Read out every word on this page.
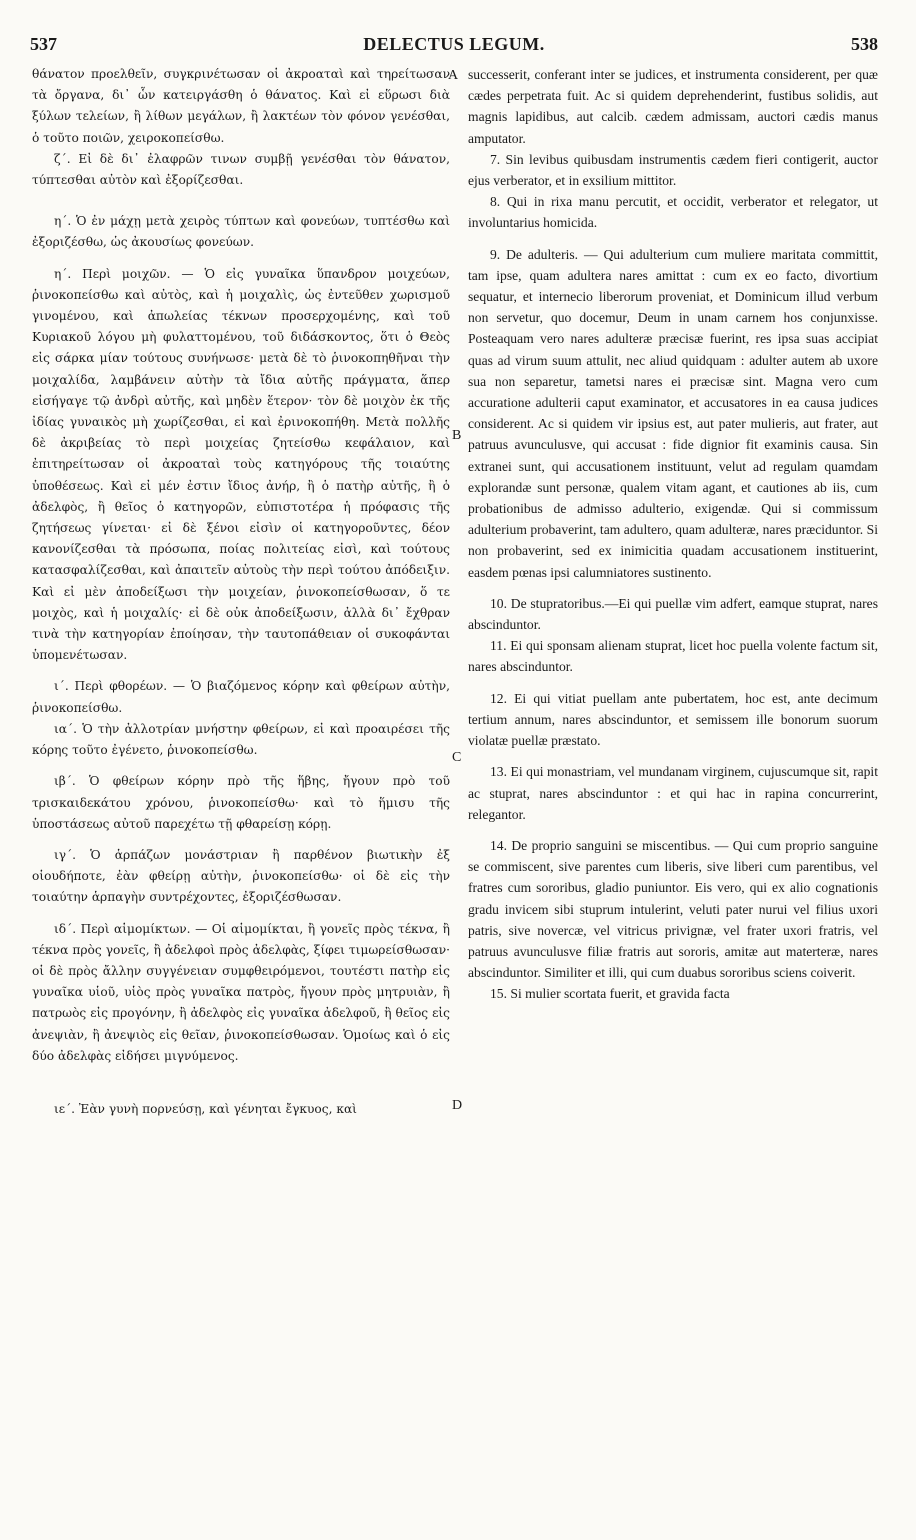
537	DELECTUS LEGUM.	538
A
B
C
D

θάνατον προελθεῖν, συγκρινέτωσαν οἱ ἀκροαταὶ καὶ τηρείτωσαν τὰ ὄργανα, δι᾽ ὧν κατειργάσθη ὁ θάνατος. Καὶ εἰ εὕρωσι διὰ ξύλων τελείων, ἢ λίθων μεγάλων, ἢ λακτέων τὸν φόνον γενέσθαι, ὁ τοῦτο ποιῶν, χειροκοπείσθω.

ζ΄. Εἰ δὲ δι᾽ ἐλαφρῶν τινων συμβῇ γενέσθαι τὸν θάνατον, τύπτεσθαι αὐτὸν καὶ ἐξορίζεσθαι.

η΄. Ὁ ἐν μάχῃ μετὰ χειρὸς τύπτων καὶ φονεύων, τυπτέσθω καὶ ἐξοριζέσθω, ὡς ἀκουσίως φονεύων.

η΄. Περὶ μοιχῶν. — Ὁ εἰς γυναῖκα ὕπανδρον μοιχεύων, ῥινοκοπείσθω καὶ αὐτὸς, καὶ ἡ μοιχαλὶς, ὡς ἐντεῦθεν χωρισμοῦ γινομένου, καὶ ἀπωλείας τέκνων προσερχομένης, καὶ τοῦ Κυριακοῦ λόγου μὴ φυλαττομένου, τοῦ διδάσκοντος, ὅτι ὁ Θεὸς εἰς σάρκα μίαν τούτους συνήνωσε· μετὰ δὲ τὸ ῥινοκοπηθῆναι τὴν μοιχαλίδα, λαμβάνειν αὐτὴν τὰ ἴδια αὐτῆς πράγματα, ἅπερ εἰσήγαγε τῷ ἀνδρὶ αὐτῆς, καὶ μηδὲν ἕτερον· τὸν δὲ μοιχὸν ἐκ τῆς ἰδίας γυναικὸς μὴ χωρίζεσθαι, εἰ καὶ ἐρινοκοπήθη. Μετὰ πολλῆς δὲ ἀκριβείας τὸ περὶ μοιχείας ζητείσθω κεφάλαιον, καὶ ἐπιτηρείτωσαν οἱ ἀκροαταὶ τοὺς κατηγόρους τῆς τοιαύτης ὑποθέσεως. Καὶ εἰ μέν ἐστιν ἴδιος ἀνήρ, ἢ ὁ πατὴρ αὐτῆς, ἢ ὁ ἀδελφὸς, ἢ θεῖος ὁ κατηγορῶν, εὐπιστοτέρα ἡ πρόφασις τῆς ζητήσεως γίνεται· εἰ δὲ ξένοι εἰσὶν οἱ κατηγοροῦντες, δέον κανονίζεσθαι τὰ πρόσωπα, ποίας πολιτείας εἰσὶ, καὶ τούτους κατασφαλίζεσθαι, καὶ ἀπαιτεῖν αὐτοὺς τὴν περὶ τούτου ἀπόδειξιν. Καὶ εἰ μὲν ἀποδείξωσι τὴν μοιχείαν, ῥινοκοπείσθωσαν, ὅ τε μοιχὸς, καὶ ἡ μοιχαλίς· εἰ δὲ οὐκ ἀποδείξωσιν, ἀλλὰ δι᾽ ἔχθραν τινὰ τὴν κατηγορίαν ἐποίησαν, τὴν ταυτοπάθειαν οἱ συκοφάνται ὑπομενέτωσαν.

ι΄. Περὶ φθορέων. — Ὁ βιαζόμενος κόρην καὶ φθείρων αὐτὴν, ῥινοκοπείσθω.

ια΄. Ὁ τὴν ἀλλοτρίαν μνήστην φθείρων, εἰ καὶ προαιρέσει τῆς κόρης τοῦτο ἐγένετο, ῥινοκοπείσθω.

ιβ΄. Ὁ φθείρων κόρην πρὸ τῆς ἥβης, ἤγουν πρὸ τοῦ τρισκαιδεκάτου χρόνου, ῥινοκοπείσθω· καὶ τὸ ἥμισυ τῆς ὑποστάσεως αὐτοῦ παρεχέτω τῇ φθαρείσῃ κόρῃ.

ιγ΄. Ὁ ἁρπάζων μονάστριαν ἢ παρθένον βιωτικὴν ἐξ οἱουδήποτε, ἐὰν φθείρῃ αὐτὴν, ῥινοκοπείσθω· οἱ δὲ εἰς τὴν τοιαύτην ἁρπαγὴν συντρέχοντες, ἐξοριζέσθωσαν.

ιδ΄. Περὶ αἱμομίκτων. — Οἱ αἱμομίκται, ἢ γονεῖς πρὸς τέκνα, ἢ τέκνα πρὸς γονεῖς, ἢ ἀδελφοὶ πρὸς ἀδελφὰς, ξίφει τιμωρείσθωσαν· οἱ δὲ πρὸς ἄλλην συγγένειαν συμφθειρόμενοι, τουτέστι πατὴρ εἰς γυναῖκα υἱοῦ, υἱὸς πρὸς γυναῖκα πατρὸς, ἤγουν πρὸς μητρυιὰν, ἢ πατρωὸς εἰς προγόνην, ἢ ἀδελφὸς εἰς γυναῖκα ἀδελφοῦ, ἢ θεῖος εἰς ἀνεψιὰν, ἢ ἀνεψιὸς εἰς θεῖαν, ῥινοκοπείσθωσαν. Ὁμοίως καὶ ὁ εἰς δύο ἀδελφὰς εἰδήσει μιγνύμενος.

ιε΄. Ἐὰν γυνὴ πορνεύσῃ, καὶ γένηται ἔγκυος, καὶ

successerit, conferant inter se judices, et instrumenta considerent, per quæ cædes perpetrata fuit. Ac si quidem deprehenderint, fustibus solidis, aut magnis lapidibus, aut calcib. cædem admissam, auctori cædis manus amputator.

7. Sin levibus quibusdam instrumentis cædem fieri contigerit, auctor ejus verberator, et in exsilium mittitor.

8. Qui in rixa manu percutit, et occidit, verberator et relegator, ut involuntarius homicida.

9. De adulteris. — Qui adulterium cum muliere maritata committit, tam ipse, quam adultera nares amittat : cum ex eo facto, divortium sequatur, et internecio liberorum proveniat, et Dominicum illud verbum non servetur, quo docemur, Deum in unam carnem hos conjunxisse. Posteaquam vero nares adulteræ præcisæ fuerint, res ipsa suas accipiat quas ad virum suum attulit, nec aliud quidquam : adulter autem ab uxore sua non separetur, tametsi nares ei præcisæ sint. Magna vero cum accuratione adulterii caput examinator, et accusatores in ea causa judices considerent. Ac si quidem vir ipsius est, aut pater mulieris, aut frater, aut patruus avunculusve, qui accusat : fide dignior fit examinis causa. Sin extranei sunt, qui accusationem instituunt, velut ad regulam quamdam explorandæ sunt personæ, qualem vitam agant, et cautiones ab iis, cum probationibus de admisso adulterio, exigendæ. Qui si commissum adulterium probaverint, tam adultero, quam adulteræ, nares præciduntor. Si non probaverint, sed ex inimicitia quadam accusationem instituerint, easdem pœnas ipsi calumniatores sustinento.

10. De stupratoribus.—Ei qui puellæ vim adfert, eamque stuprat, nares abscinduntor.

11. Ei qui sponsam alienam stuprat, licet hoc puella volente factum sit, nares abscinduntor.

12. Ei qui vitiat puellam ante pubertatem, hoc est, ante decimum tertium annum, nares abscinduntor, et semissem ille bonorum suorum violatæ puellæ præstato.

13. Ei qui monastriam, vel mundanam virginem, cujuscumque sit, rapit ac stuprat, nares abscinduntor : et qui hac in rapina concurrerint, relegantor.

14. De proprio sanguini se miscentibus. — Qui cum proprio sanguine se commiscent, sive parentes cum liberis, sive liberi cum parentibus, vel fratres cum sororibus, gladio puniuntor. Eis vero, qui ex alio cognationis gradu invicem sibi stuprum intulerint, veluti pater nurui vel filius uxori patris, sive novercæ, vel vitricus privignæ, vel frater uxori fratris, vel patruus avunculusve filiæ fratris aut sororis, amitæ aut materteræ, nares abscinduntor. Similiter et illi, qui cum duabus sororibus sciens coiverit.

15. Si mulier scortata fuerit, et gravida facta
